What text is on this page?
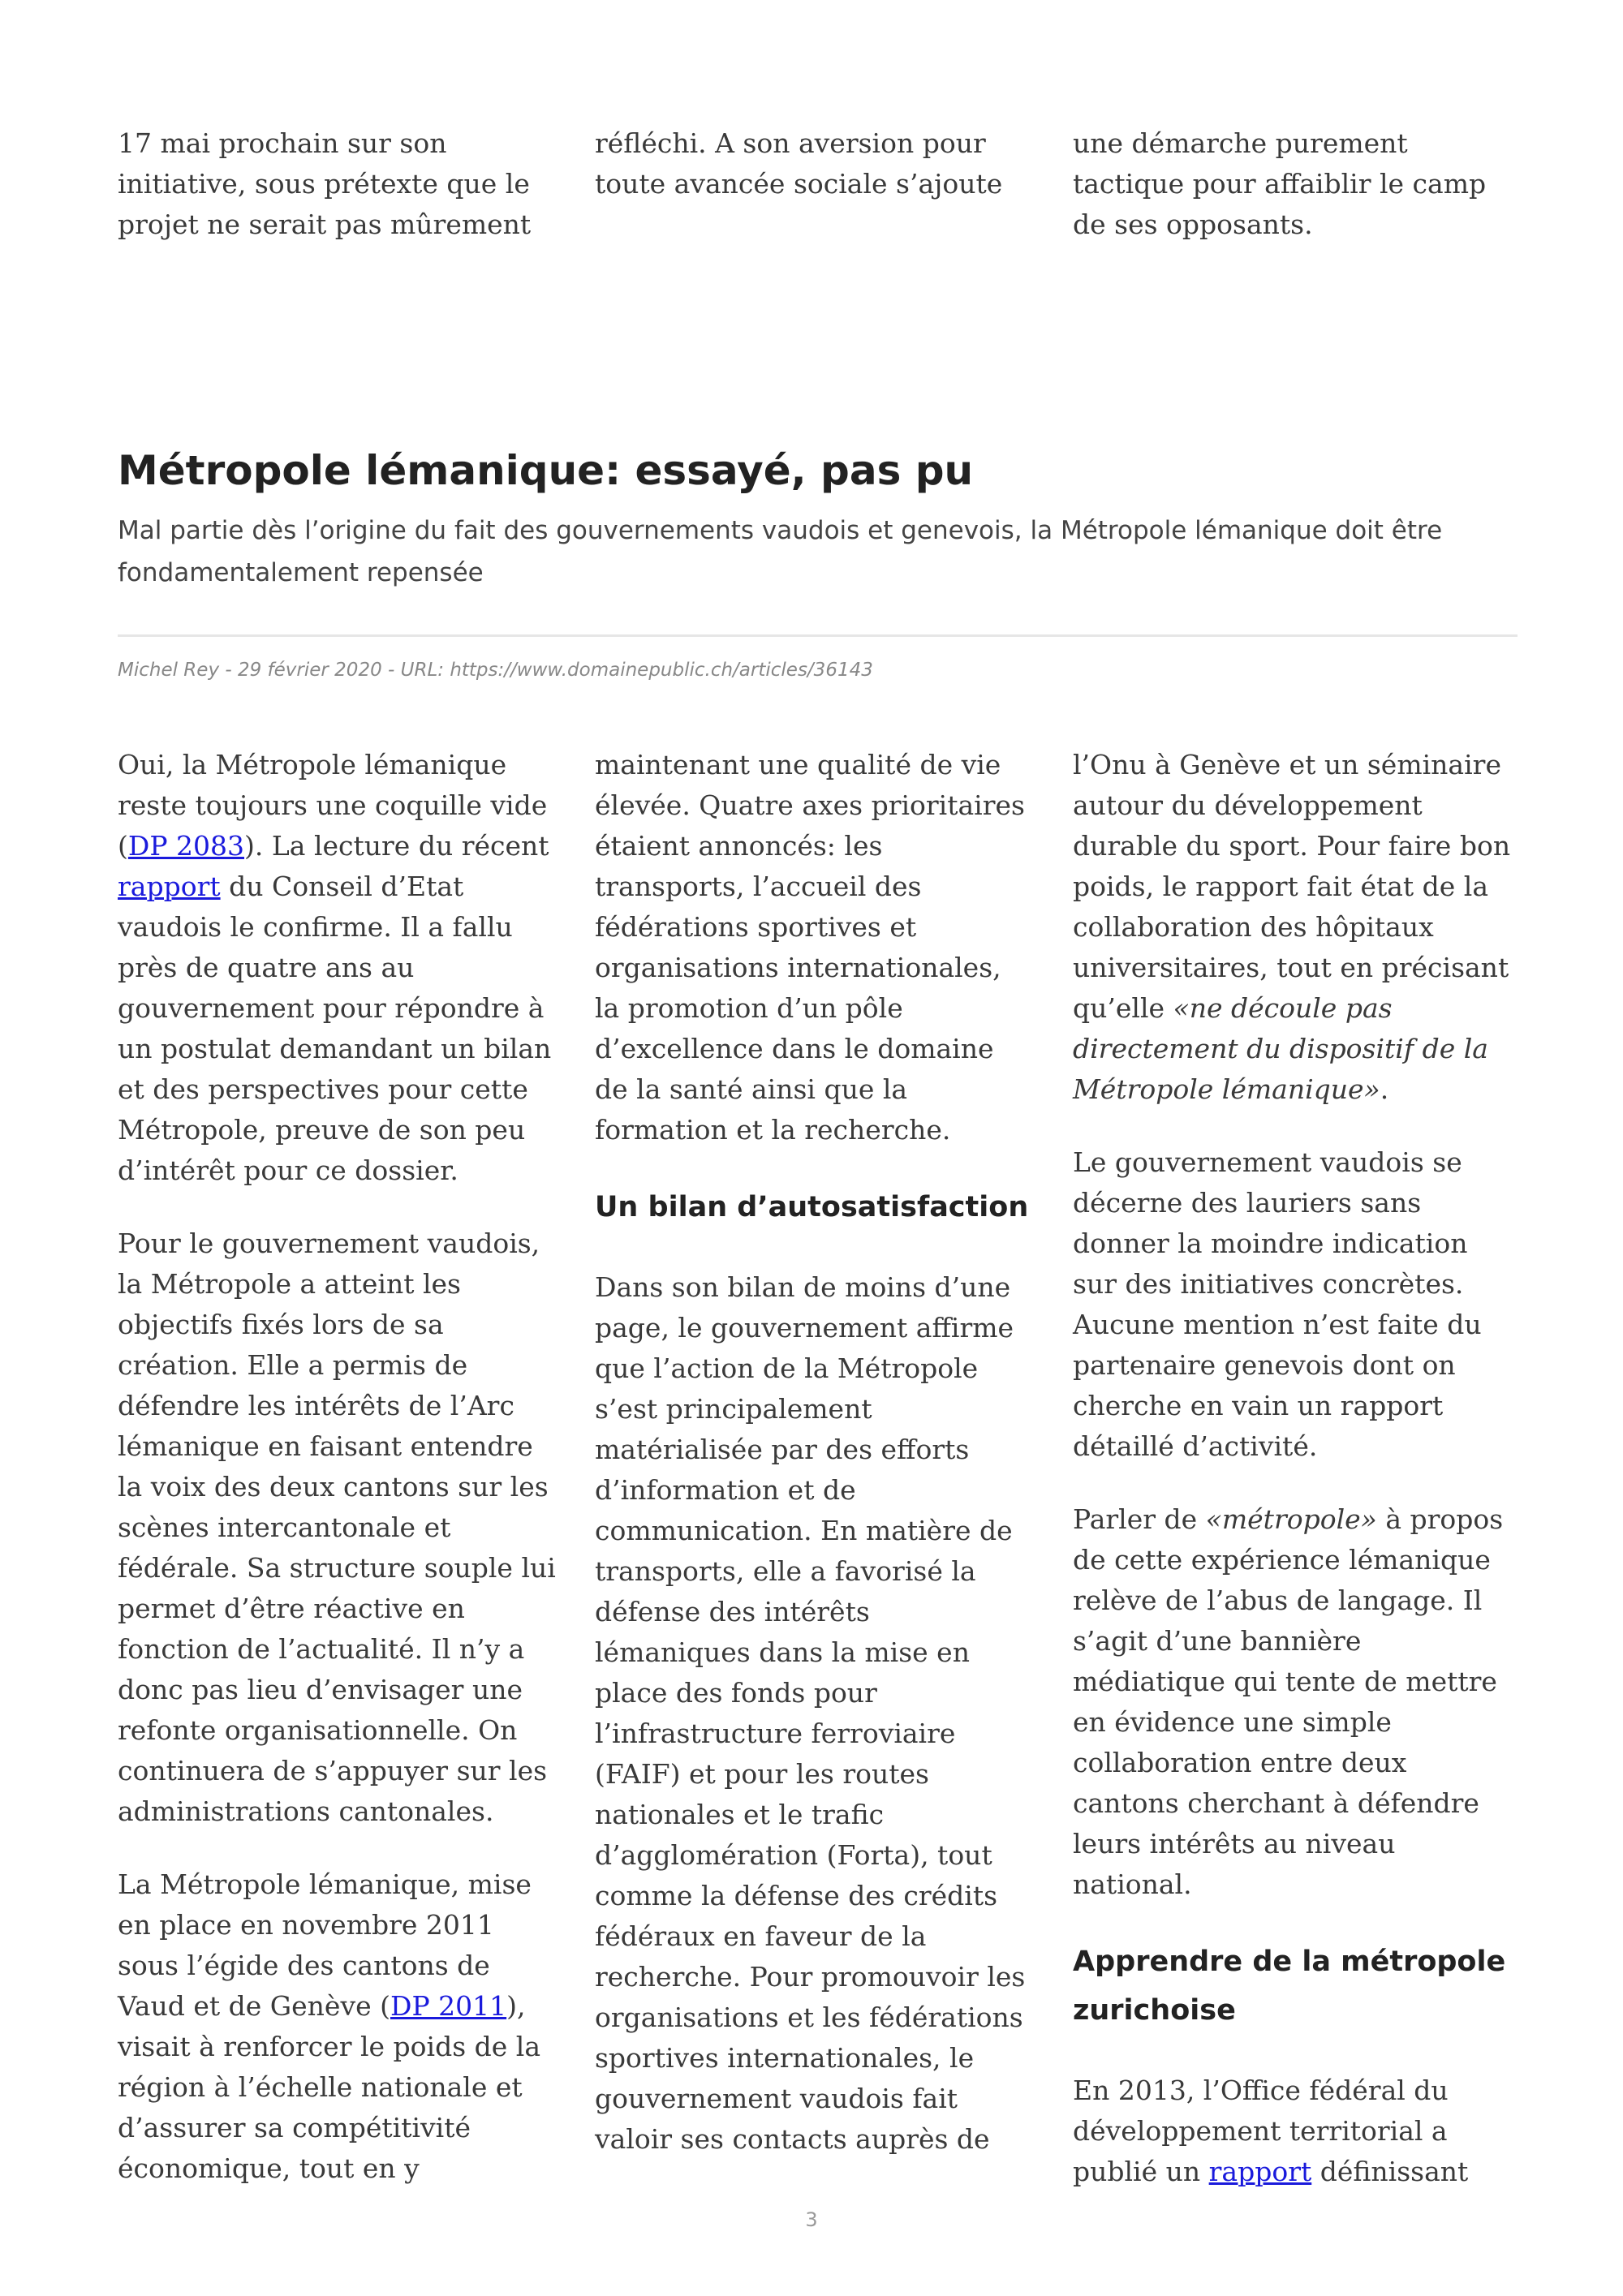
17 mai prochain sur son initiative, sous prétexte que le projet ne serait pas mûrement

réfléchi. A son aversion pour toute avancée sociale s’ajoute

une démarche purement tactique pour affaiblir le camp de ses opposants.

Métropole lémanique: essayé, pas pu

Mal partie dès l’origine du fait des gouvernements vaudois et genevois, la Métropole lémanique doit être fondamentalement repensée

Michel Rey - 29 février 2020 - URL: https://www.domainepublic.ch/articles/36143

Oui, la Métropole lémanique reste toujours une coquille vide (DP 2083). La lecture du récent rapport du Conseil d’Etat vaudois le confirme. Il a fallu près de quatre ans au gouvernement pour répondre à un postulat demandant un bilan et des perspectives pour cette Métropole, preuve de son peu d’intérêt pour ce dossier.

Pour le gouvernement vaudois, la Métropole a atteint les objectifs fixés lors de sa création. Elle a permis de défendre les intérêts de l’Arc lémanique en faisant entendre la voix des deux cantons sur les scènes intercantonale et fédérale. Sa structure souple lui permet d’être réactive en fonction de l’actualité. Il n’y a donc pas lieu d’envisager une refonte organisationnelle. On continuera de s’appuyer sur les administrations cantonales.

La Métropole lémanique, mise en place en novembre 2011 sous l’égide des cantons de Vaud et de Genève (DP 2011), visait à renforcer le poids de la région à l’échelle nationale et d’assurer sa compétitivité économique, tout en y

maintenant une qualité de vie élevée. Quatre axes prioritaires étaient annoncés: les transports, l’accueil des fédérations sportives et organisations internationales, la promotion d’un pôle d’excellence dans le domaine de la santé ainsi que la formation et la recherche.

Un bilan d’autosatisfaction

Dans son bilan de moins d’une page, le gouvernement affirme que l’action de la Métropole s’est principalement matérialisée par des efforts d’information et de communication. En matière de transports, elle a favorisé la défense des intérêts lémaniques dans la mise en place des fonds pour l’infrastructure ferroviaire (FAIF) et pour les routes nationales et le trafic d’agglomération (Forta), tout comme la défense des crédits fédéraux en faveur de la recherche. Pour promouvoir les organisations et les fédérations sportives internationales, le gouvernement vaudois fait valoir ses contacts auprès de

l’Onu à Genève et un séminaire autour du développement durable du sport. Pour faire bon poids, le rapport fait état de la collaboration des hôpitaux universitaires, tout en précisant qu’elle «ne découle pas directement du dispositif de la Métropole lémanique».

Le gouvernement vaudois se décerne des lauriers sans donner la moindre indication sur des initiatives concrètes. Aucune mention n’est faite du partenaire genevois dont on cherche en vain un rapport détaillé d’activité.

Parler de «métropole» à propos de cette expérience lémanique relève de l’abus de langage. Il s’agit d’une bannière médiatique qui tente de mettre en évidence une simple collaboration entre deux cantons cherchant à défendre leurs intérêts au niveau national.

Apprendre de la métropole zurichoise

En 2013, l’Office fédéral du développement territorial a publié un rapport définissant

3
